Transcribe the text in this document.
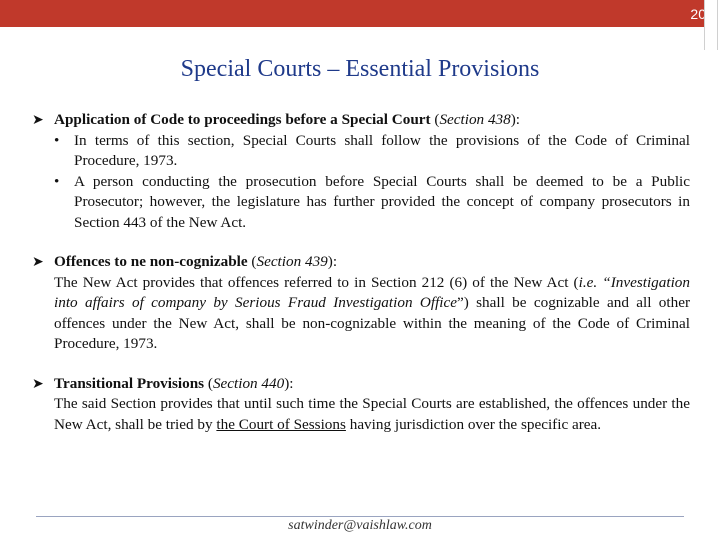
20
Special Courts – Essential Provisions
➤ Application of Code to proceedings before a Special Court (Section 438):
• In terms of this section, Special Courts shall follow the provisions of the Code of Criminal Procedure, 1973.
• A person conducting the prosecution before Special Courts shall be deemed to be a Public Prosecutor; however, the legislature has further provided the concept of company prosecutors in Section 443 of the New Act.
➤ Offences to ne non-cognizable (Section 439):
The New Act provides that offences referred to in Section 212 (6) of the New Act (i.e. “Investigation into affairs of company by Serious Fraud Investigation Office”) shall be cognizable and all other offences under the New Act, shall be non-cognizable within the meaning of the Code of Criminal Procedure, 1973.
➤ Transitional Provisions (Section 440):
The said Section provides that until such time the Special Courts are established, the offences under the New Act, shall be tried by the Court of Sessions having jurisdiction over the specific area.
satwinder@vaishlaw.com
